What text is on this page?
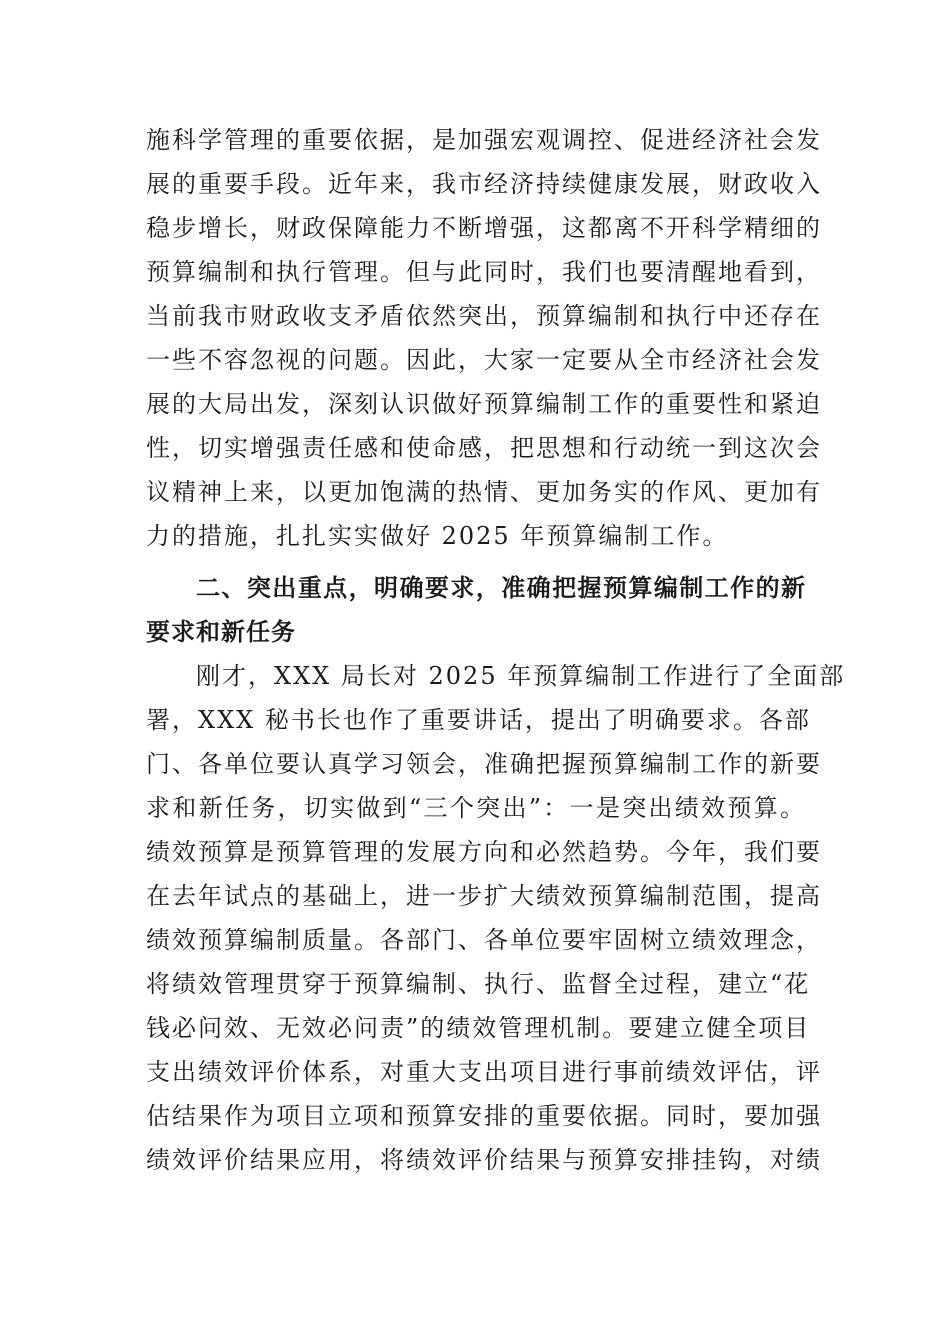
施科学管理的重要依据，是加强宏观调控、促进经济社会发
展的重要手段。近年来，我市经济持续健康发展，财政收入
稳步增长，财政保障能力不断增强，这都离不开科学精细的
预算编制和执行管理。但与此同时，我们也要清醒地看到，
当前我市财政收支矛盾依然突出，预算编制和执行中还存在
一些不容忽视的问题。因此，大家一定要从全市经济社会发
展的大局出发，深刻认识做好预算编制工作的重要性和紧迫
性，切实增强责任感和使命感，把思想和行动统一到这次会
议精神上来，以更加饱满的热情、更加务实的作风、更加有
力的措施，扎扎实实做好 2025 年预算编制工作。
二、突出重点，明确要求，准确把握预算编制工作的新
要求和新任务
刚才，XXX 局长对 2025 年预算编制工作进行了全面部
署，XXX 秘书长也作了重要讲话，提出了明确要求。各部
门、各单位要认真学习领会，准确把握预算编制工作的新要
求和新任务，切实做到“三个突出”：一是突出绩效预算。
绩效预算是预算管理的发展方向和必然趋势。今年，我们要
在去年试点的基础上，进一步扩大绩效预算编制范围，提高
绩效预算编制质量。各部门、各单位要牢固树立绩效理念，
将绩效管理贯穿于预算编制、执行、监督全过程，建立“花
钱必问效、无效必问责”的绩效管理机制。要建立健全项目
支出绩效评价体系，对重大支出项目进行事前绩效评估，评
估结果作为项目立项和预算安排的重要依据。同时，要加强
绩效评价结果应用，将绩效评价结果与预算安排挂钩，对绩
